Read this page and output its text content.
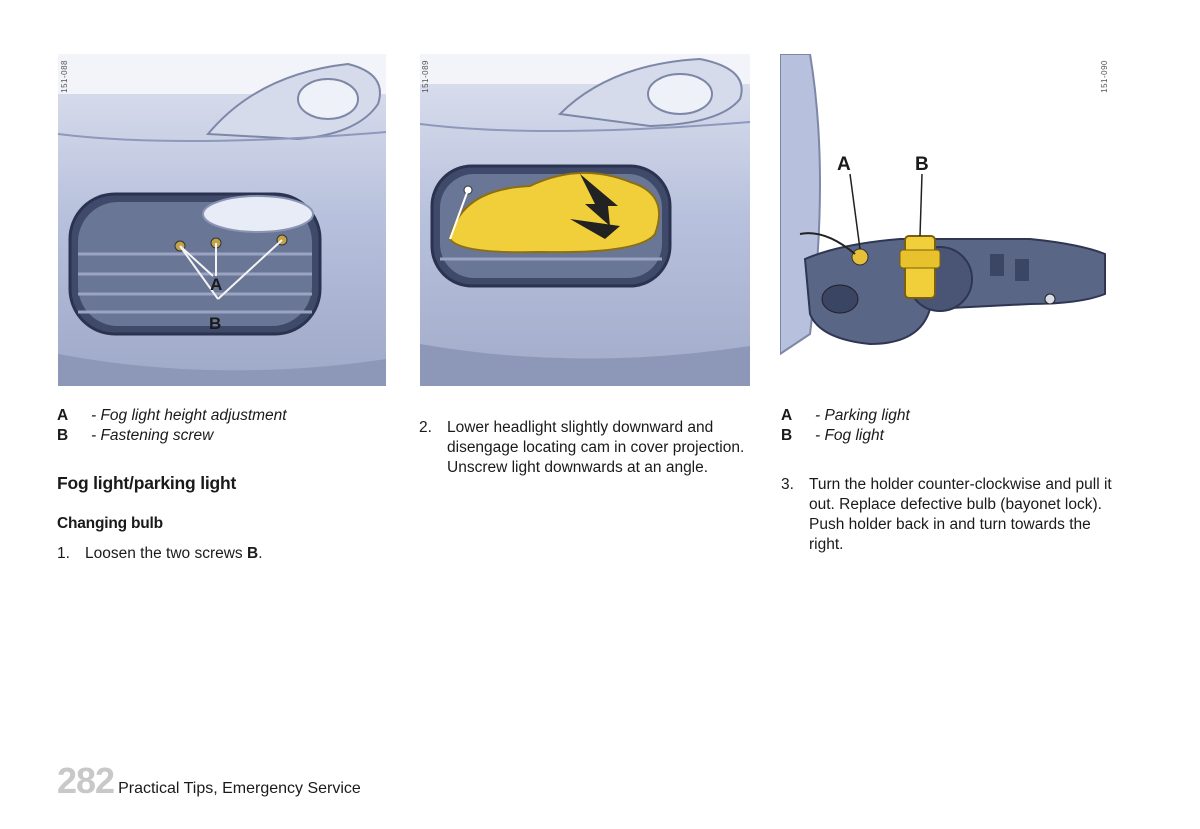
A
B
151-088	151-089
A	B
151-090
A	- Fog light height adjustment
B	- Fastening screw
A	- Parking light
B	- Fog light
Fog light/parking light
Changing bulb
1. Loosen the two screws B.
2. Lower headlight slightly downward and
disengage locating cam in cover projection.
Unscrew light downwards at an angle.
3. Turn the holder counter-clockwise and pull it
out. Replace defective bulb (bayonet lock).
Push holder back in and turn towards the right.
282 Practical Tips, Emergency Service
